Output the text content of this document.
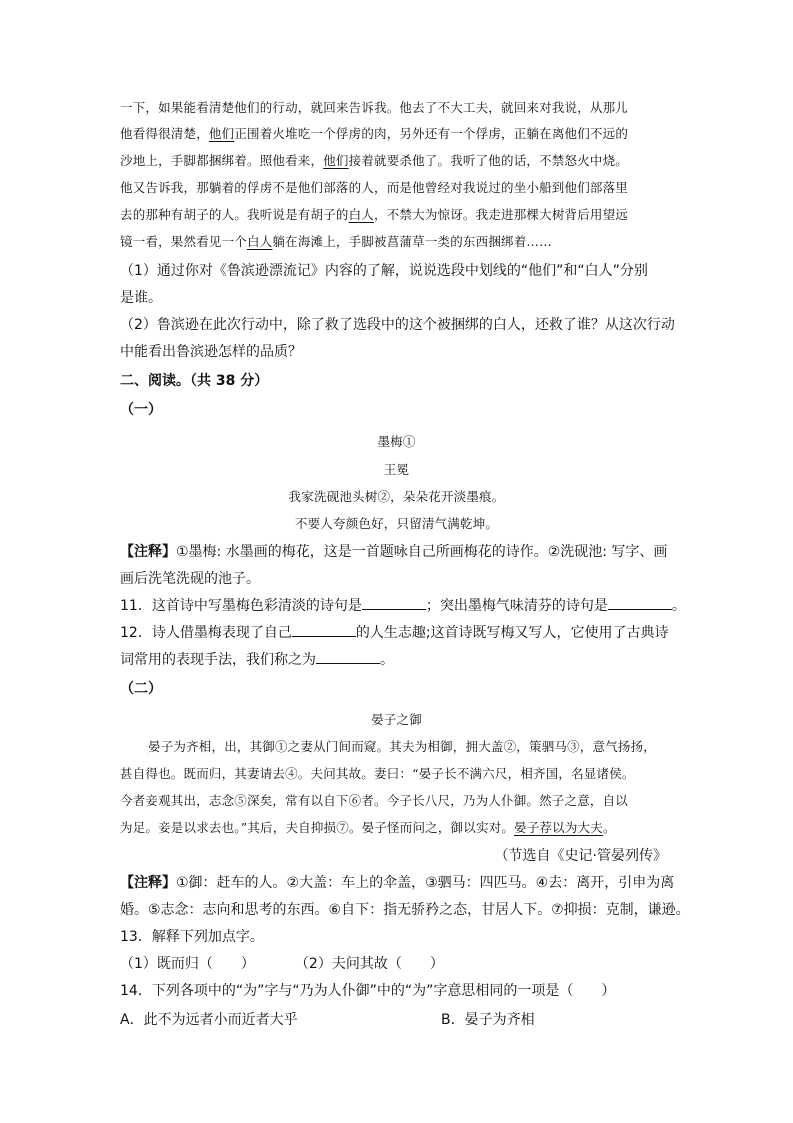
一下，如果能看清楚他们的行动，就回来告诉我。他去了不大工夫，就回来对我说，从那儿
他看得很清楚，他们正围着火堆吃一个俘虏的肉，另外还有一个俘虏，正躺在离他们不远的
沙地上，手脚都捆绑着。照他看来，他们接着就要杀他了。我听了他的话，不禁怒火中烧。
他又告诉我，那躺着的俘虏不是他们部落的人，而是他曾经对我说过的坐小船到他们部落里
去的那种有胡子的人。我听说是有胡子的白人，不禁大为惊讶。我走进那棵大树背后用望远
镜一看，果然看见一个白人躺在海滩上，手脚被菖蒲草一类的东西捆绑着……
（1）通过你对《鲁滨逊漂流记》内容的了解，说说选段中划线的“他们”和“白人”分别
是谁。
（2）鲁滨逊在此次行动中，除了救了选段中的这个被捆绑的白人，还救了谁？从这次行动
中能看出鲁滨逊怎样的品质？
二、阅读。（共 38 分）
（一）
墨梅①
王冕
我家洗砚池头树②，朵朵花开淡墨痕。
不要人夸颜色好，只留清气满乾坤。
【注释】①墨梅: 水墨画的梅花，这是一首题咏自己所画梅花的诗作。②洗砚池: 写字、画
画后洗笔洗砚的池子。
11．这首诗中写墨梅色彩清淡的诗句是	；突出墨梅气味清芬的诗句是	。
12．诗人借墨梅表现了自己	的人生志趣;这首诗既写梅又写人，它使用了古典诗
词常用的表现手法，我们称之为	。
（二）
晏子之御
晏子为齐相，出，其御①之妻从门间而窥。其夫为相御，拥大盖②，策驷马③，意气扬扬，
甚自得也。既而归，其妻请去④。夫问其故。妻曰：“晏子长不满六尺，相齐国，名显诸侯。
今者妾观其出，志念⑤深矣，常有以自下⑥者。今子长八尺，乃为人仆御。然子之意，自以
为足。妾是以求去也。”其后，夫自抑损⑦。晏子怪而问之，御以实对。晏子荐以为大夫。
（节选自《史记·管晏列传》
【注释】①御：赶车的人。②大盖：车上的伞盖，③驷马：四匹马。④去：离开，引申为离
婚。⑤志念：志向和思考的东西。⑥自下：指无骄矜之态，甘居人下。⑦抑损：克制，谦逊。
13．解释下列加点字。
（1）既而归（　　）	（2）夫问其故（　　）
14．下列各项中的“为”字与“乃为人仆御”中的“为”字意思相同的一项是（　　）
A．此不为远者小而近者大乎	B．晏子为齐相
